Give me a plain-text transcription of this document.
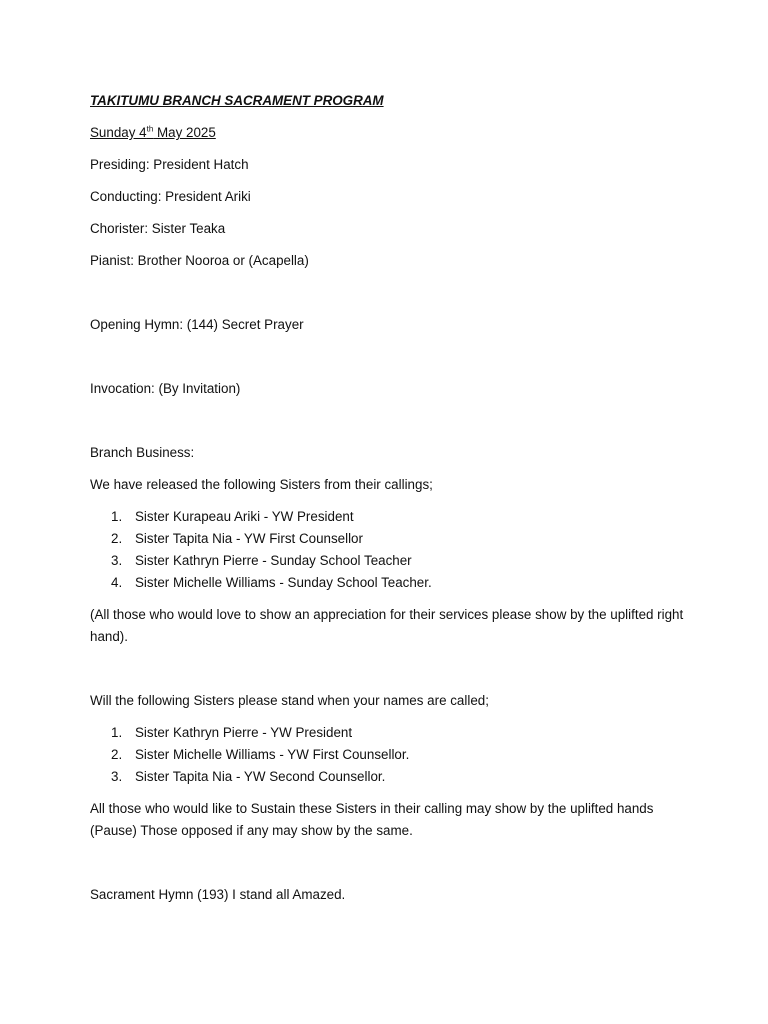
TAKITUMU BRANCH SACRAMENT PROGRAM
Sunday 4th May 2025
Presiding: President Hatch
Conducting: President Ariki
Chorister: Sister Teaka
Pianist: Brother Nooroa or (Acapella)
Opening Hymn: (144) Secret Prayer
Invocation: (By Invitation)
Branch Business:
We have released the following Sisters from their callings;
1. Sister Kurapeau Ariki - YW President
2. Sister Tapita Nia - YW First Counsellor
3. Sister Kathryn Pierre - Sunday School Teacher
4. Sister Michelle Williams - Sunday School Teacher.
(All those who would love to show an appreciation for their services please show by the uplifted right hand).
Will the following Sisters please stand when your names are called;
1. Sister Kathryn Pierre - YW President
2. Sister Michelle Williams - YW First Counsellor.
3. Sister Tapita Nia - YW Second Counsellor.
All those who would like to Sustain these Sisters in their calling may show by the uplifted hands (Pause) Those opposed if any may show by the same.
Sacrament Hymn (193) I stand all Amazed.
